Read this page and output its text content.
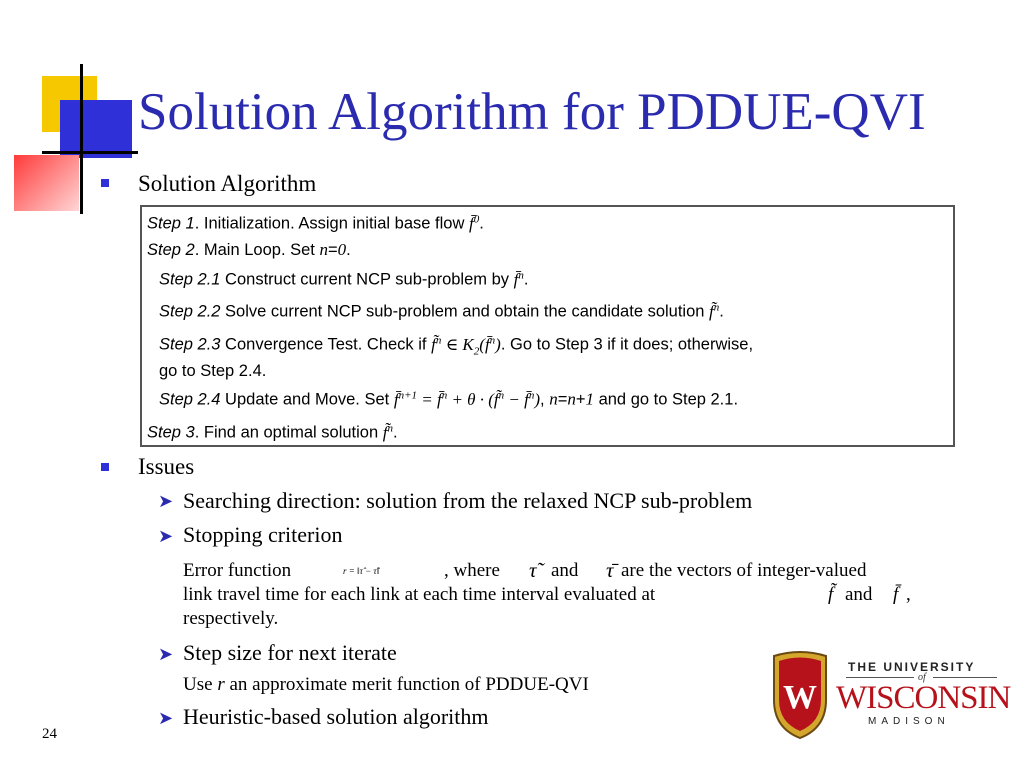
Solution Algorithm for PDDUE-QVI
Solution Algorithm
Step 1. Initialization. Assign initial base flow f̄$^0$.
Step 2. Main Loop. Set n=0.
Step 2.1 Construct current NCP sub-problem by f̄$^n$.
Step 2.2 Solve current NCP sub-problem and obtain the candidate solution f̃$^n$.
Step 2.3 Convergence Test. Check if f̃$^n$ ∈ $K_2(f̄^n)$. Go to Step 3 if it does; otherwise,
go to Step 2.4.
Step 2.4 Update and Move. Set f̄$^{n+1}$ = f̄$^n$ + θ · (f̃$^n$ − f̄$^n$), n=n+1 and go to Step 2.1.
Step 3. Find an optimal solution f̃$^n$.
Issues
➤ Searching direction: solution from the relaxed NCP sub-problem
➤ Stopping criterion
Error function	r = ‖τ̂ − τ̂‖	, where τ̃ and τ̄ are the vectors of integer-valued
link travel time for each link at each time interval evaluated at	f̃ and f̄ ,
respectively.
➤ Step size for next iterate
Use r an approximate merit function of PDDUE-QVI
➤ Heuristic-based solution algorithm
24
W
THE UNIVERSITY
of
WISCONSIN
MADISON
